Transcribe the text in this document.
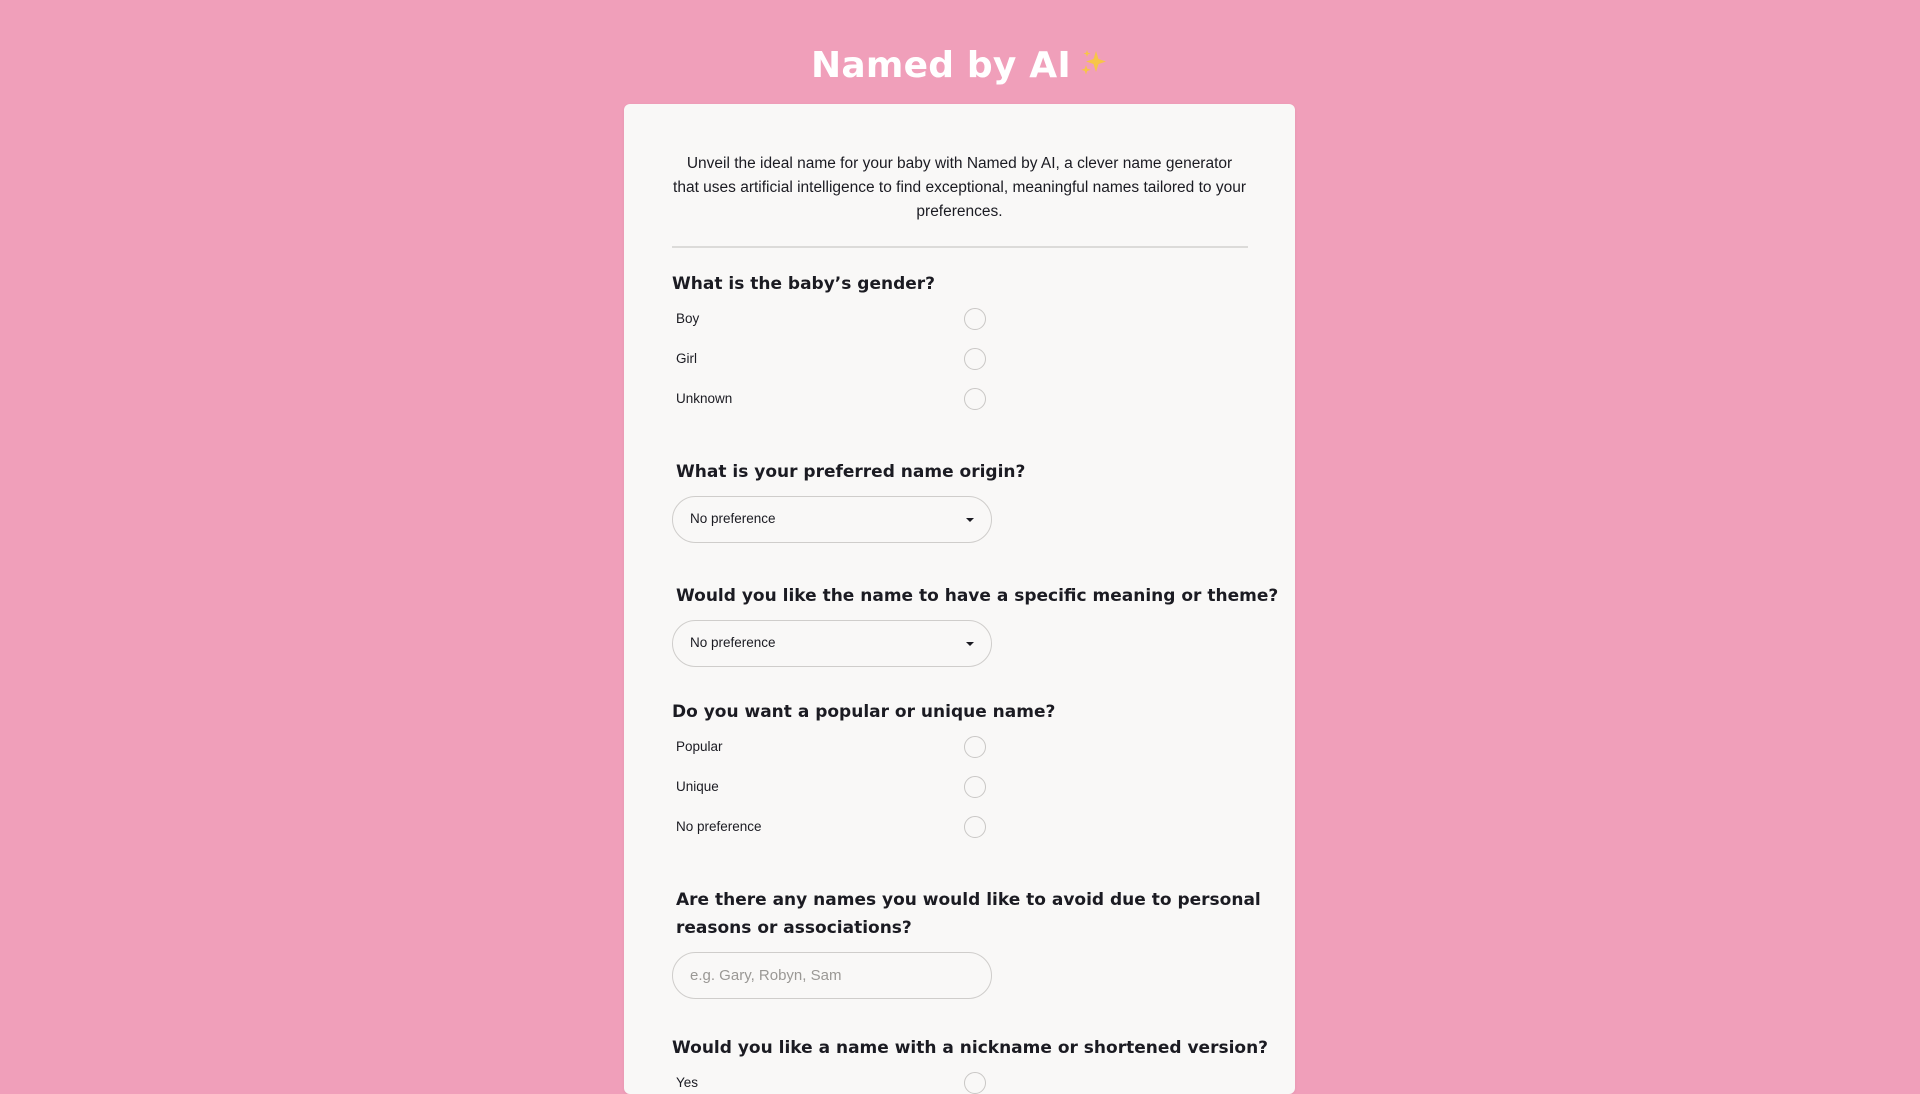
Named by AI
Unveil the ideal name for your baby with Named by AI, a clever name generator that uses artificial intelligence to find exceptional, meaningful names tailored to your preferences.
What is the baby’s gender?
Boy
Girl
Unknown
What is your preferred name origin?
No preference
Would you like the name to have a specific meaning or theme?
No preference
Do you want a popular or unique name?
Popular
Unique
No preference
Are there any names you would like to avoid due to personal
reasons or associations?
e.g. Gary, Robyn, Sam
Would you like a name with a nickname or shortened version?
Yes
